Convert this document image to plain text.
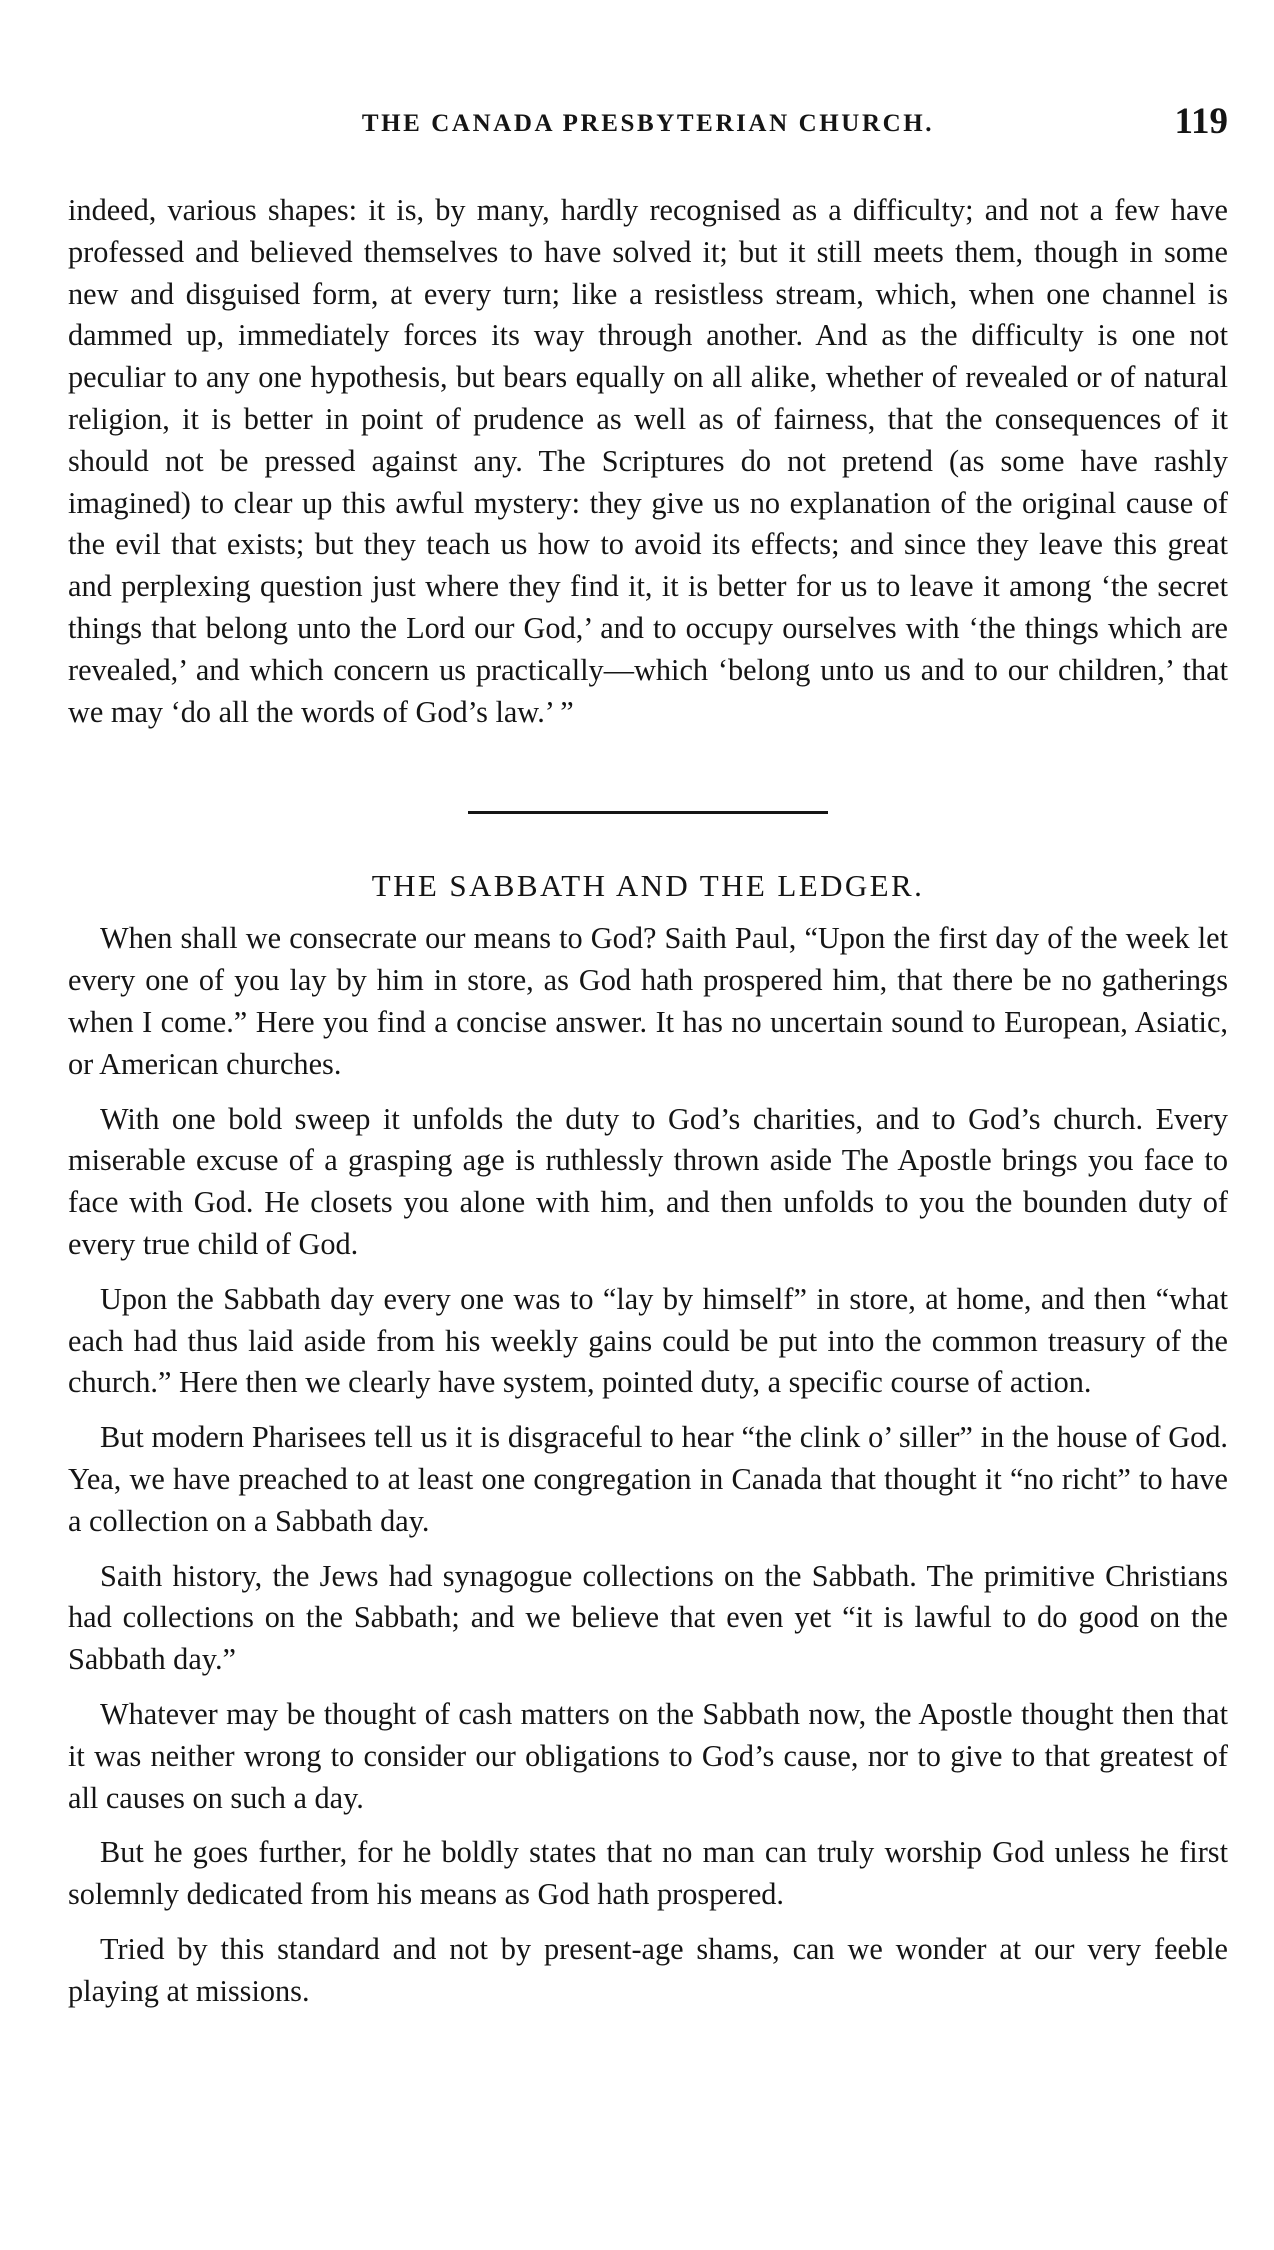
THE CANADA PRESBYTERIAN CHURCH.	119

indeed, various shapes: it is, by many, hardly recognised as a difficulty; and not a few have professed and believed themselves to have solved it; but it still meets them, though in some new and disguised form, at every turn; like a resistless stream, which, when one channel is dammed up, immediately forces its way through another. And as the difficulty is one not peculiar to any one hypothesis, but bears equally on all alike, whether of revealed or of natural religion, it is better in point of prudence as well as of fairness, that the consequences of it should not be pressed against any. The Scriptures do not pretend (as some have rashly imagined) to clear up this awful mystery: they give us no explanation of the original cause of the evil that exists; but they teach us how to avoid its effects; and since they leave this great and perplexing question just where they find it, it is better for us to leave it among ‘the secret things that belong unto the Lord our God,’ and to occupy ourselves with ‘the things which are revealed,’ and which concern us practically—which ‘belong unto us and to our children,’ that we may ‘do all the words of God’s law.’ ”

THE SABBATH AND THE LEDGER.

When shall we consecrate our means to God? Saith Paul, “Upon the first day of the week let every one of you lay by him in store, as God hath prospered him, that there be no gatherings when I come.” Here you find a concise answer. It has no uncertain sound to European, Asiatic, or American churches.

With one bold sweep it unfolds the duty to God’s charities, and to God’s church. Every miserable excuse of a grasping age is ruthlessly thrown aside The Apostle brings you face to face with God. He closets you alone with him, and then unfolds to you the bounden duty of every true child of God.

Upon the Sabbath day every one was to “lay by himself” in store, at home, and then “what each had thus laid aside from his weekly gains could be put into the common treasury of the church.” Here then we clearly have system, pointed duty, a specific course of action.

But modern Pharisees tell us it is disgraceful to hear “the clink o’ siller” in the house of God. Yea, we have preached to at least one congregation in Canada that thought it “no richt” to have a collection on a Sabbath day.

Saith history, the Jews had synagogue collections on the Sabbath. The primitive Christians had collections on the Sabbath; and we believe that even yet “it is lawful to do good on the Sabbath day.”

Whatever may be thought of cash matters on the Sabbath now, the Apostle thought then that it was neither wrong to consider our obligations to God’s cause, nor to give to that greatest of all causes on such a day.

But he goes further, for he boldly states that no man can truly worship God unless he first solemnly dedicated from his means as God hath prospered.

Tried by this standard and not by present-age shams, can we wonder at our very feeble playing at missions.
